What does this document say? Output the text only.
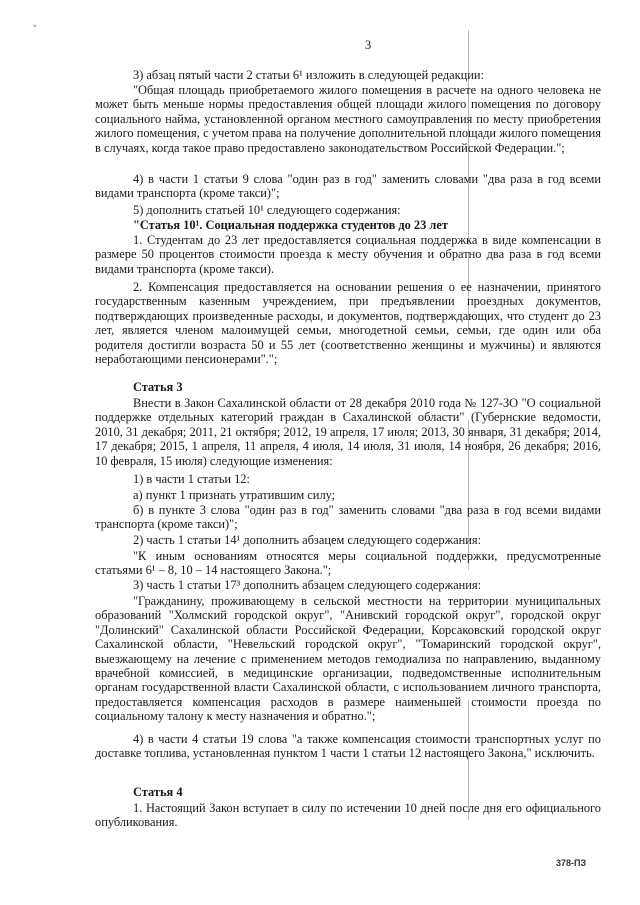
◦
3

3) абзац пятый части 2 статьи 6¹ изложить в следующей редакции:

"Общая площадь приобретаемого жилого помещения в расчете на одного человека не может быть меньше нормы предоставления общей площади жилого помещения по договору социального найма, установленной органом местного самоуправления по месту приобретения жилого помещения, с учетом права на получение дополнительной площади жилого помещения в случаях, когда такое право предоставлено законодательством Российской Федерации.";

4) в части 1 статьи 9 слова "один раз в год" заменить словами "два раза в год всеми видами транспорта (кроме такси)";

5) дополнить статьей 10¹ следующего содержания:

"Статья 10¹. Социальная поддержка студентов до 23 лет

1. Студентам до 23 лет предоставляется социальная поддержка в виде компенсации в размере 50 процентов стоимости проезда к месту обучения и обратно два раза в год всеми видами транспорта (кроме такси).

2. Компенсация предоставляется на основании решения о ее назначении, принятого государственным казенным учреждением, при предъявлении проездных документов, подтверждающих произведенные расходы, и документов, подтверждающих, что студент до 23 лет, является членом малоимущей семьи, многодетной семьи, семьи, где один или оба родителя достигли возраста 50 и 55 лет (соответственно женщины и мужчины) и являются неработающими пенсионерами".";

Статья 3

Внести в Закон Сахалинской области от 28 декабря 2010 года № 127-ЗО "О социальной поддержке отдельных категорий граждан в Сахалинской области" (Губернские ведомости, 2010, 31 декабря; 2011, 21 октября; 2012, 19 апреля, 17 июля; 2013, 30 января, 31 декабря; 2014, 17 декабря; 2015, 1 апреля, 11 апреля, 4 июля, 14 июля, 31 июля, 14 ноября, 26 декабря; 2016, 10 февраля, 15 июля) следующие изменения:

1) в части 1 статьи 12:

а) пункт 1 признать утратившим силу;

б) в пункте 3 слова "один раз в год" заменить словами "два раза в год всеми видами транспорта (кроме такси)";

2) часть 1 статьи 14¹ дополнить абзацем следующего содержания:

"К иным основаниям относятся меры социальной поддержки, предусмотренные статьями 6¹ – 8, 10 – 14 настоящего Закона.";

3) часть 1 статьи 17³ дополнить абзацем следующего содержания:

"Гражданину, проживающему в сельской местности на территории муниципальных образований "Холмский городской округ", "Анивский городской округ", городской округ "Долинский" Сахалинской области Российской Федерации, Корсаковский городской округ Сахалинской области, "Невельский городской округ", "Томаринский городской округ", выезжающему на лечение с применением методов гемодиализа по направлению, выданному врачебной комиссией, в медицинские организации, подведомственные исполнительным органам государственной власти Сахалинской области, с использованием личного транспорта, предоставляется компенсация расходов в размере наименьшей стоимости проезда по социальному талону к месту назначения и обратно.";

4) в части 4 статьи 19 слова "а также компенсация стоимости транспортных услуг по доставке топлива, установленная пунктом 1 части 1 статьи 12 настоящего Закона," исключить.

Статья 4

1. Настоящий Закон вступает в силу по истечении 10 дней после дня его официального опубликования.

378-ПЗ
